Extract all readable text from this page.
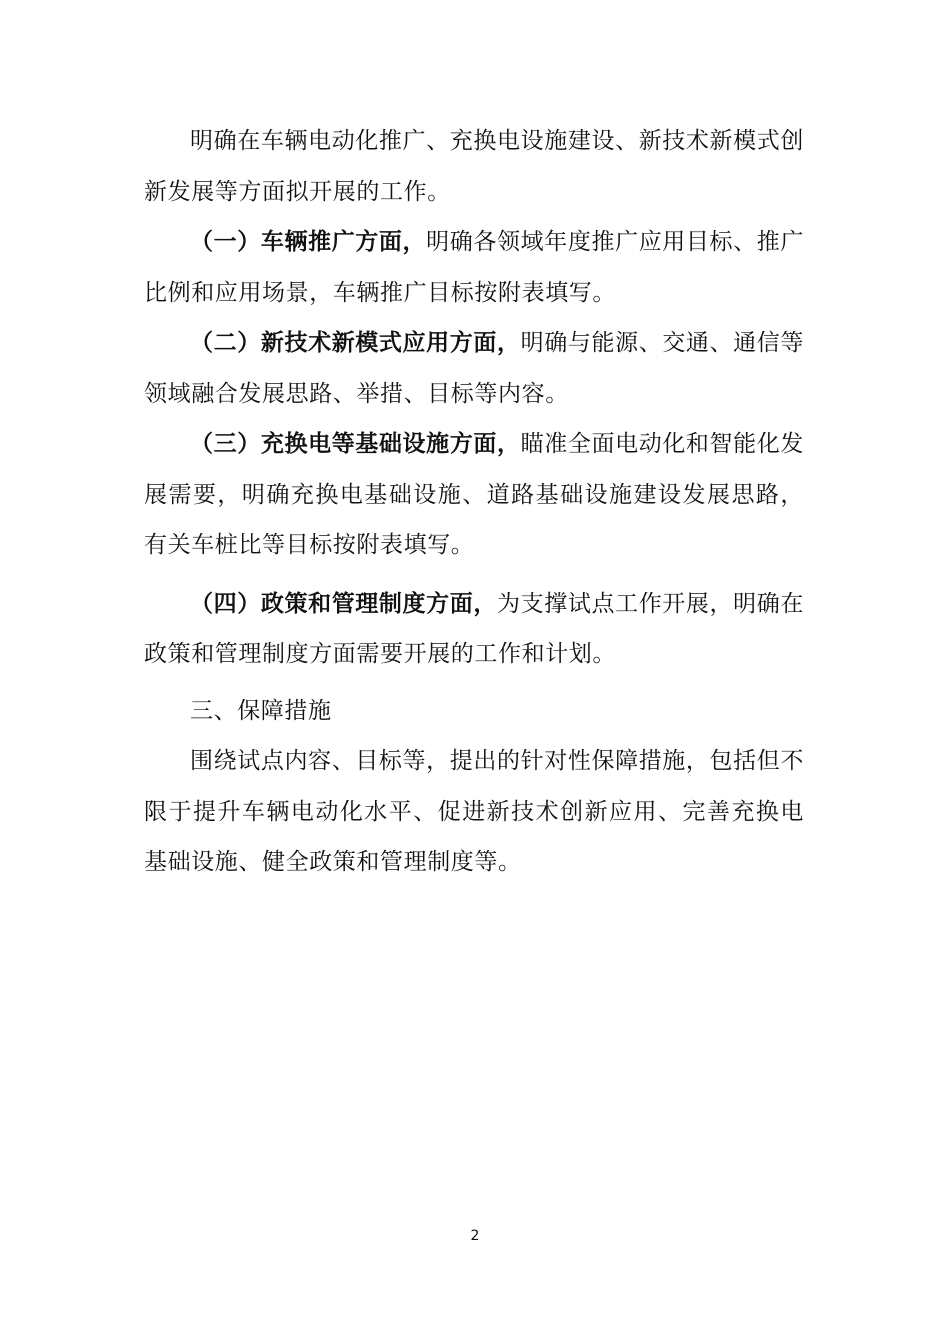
明确在车辆电动化推广、充换电设施建设、新技术新模式创新发展等方面拟开展的工作。

（一）车辆推广方面，明确各领域年度推广应用目标、推广比例和应用场景，车辆推广目标按附表填写。

（二）新技术新模式应用方面，明确与能源、交通、通信等领域融合发展思路、举措、目标等内容。

（三）充换电等基础设施方面，瞄准全面电动化和智能化发展需要，明确充换电基础设施、道路基础设施建设发展思路，有关车桩比等目标按附表填写。

（四）政策和管理制度方面，为支撑试点工作开展，明确在政策和管理制度方面需要开展的工作和计划。

三、保障措施

围绕试点内容、目标等，提出的针对性保障措施，包括但不限于提升车辆电动化水平、促进新技术创新应用、完善充换电基础设施、健全政策和管理制度等。

2
